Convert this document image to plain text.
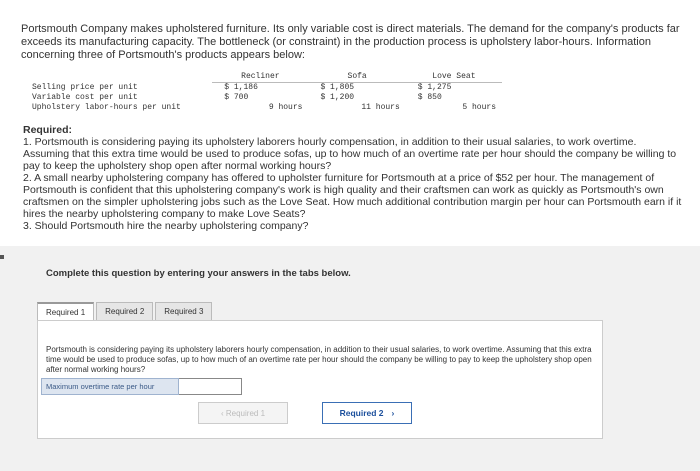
Portsmouth Company makes upholstered furniture. Its only variable cost is direct materials. The demand for the company's products far exceeds its manufacturing capacity. The bottleneck (or constraint) in the production process is upholstery labor-hours. Information concerning three of Portsmouth's products appears below:
	Recliner	Sofa	Love Seat
Selling price per unit	$ 1,186	$ 1,805	$ 1,275
Variable cost per unit	$ 700	$ 1,200	$ 850
Upholstery labor-hours per unit	9 hours	11 hours	5 hours
Required:
1. Portsmouth is considering paying its upholstery laborers hourly compensation, in addition to their usual salaries, to work overtime. Assuming that this extra time would be used to produce sofas, up to how much of an overtime rate per hour should the company be willing to pay to keep the upholstery shop open after normal working hours?
2. A small nearby upholstering company has offered to upholster furniture for Portsmouth at a price of $52 per hour. The management of Portsmouth is confident that this upholstering company's work is high quality and their craftsmen can work as quickly as Portsmouth's own craftsmen on the simpler upholstering jobs such as the Love Seat. How much additional contribution margin per hour can Portsmouth earn if it hires the nearby upholstering company to make Love Seats?
3. Should Portsmouth hire the nearby upholstering company?
Complete this question by entering your answers in the tabs below.
Required 1	Required 2	Required 3
Portsmouth is considering paying its upholstery laborers hourly compensation, in addition to their usual salaries, to work overtime. Assuming that this extra time would be used to produce sofas, up to how much of an overtime rate per hour should the company be willing to pay to keep the upholstery shop open after normal working hours?
Maximum overtime rate per hour
‹ Required 1	Required 2 ›
